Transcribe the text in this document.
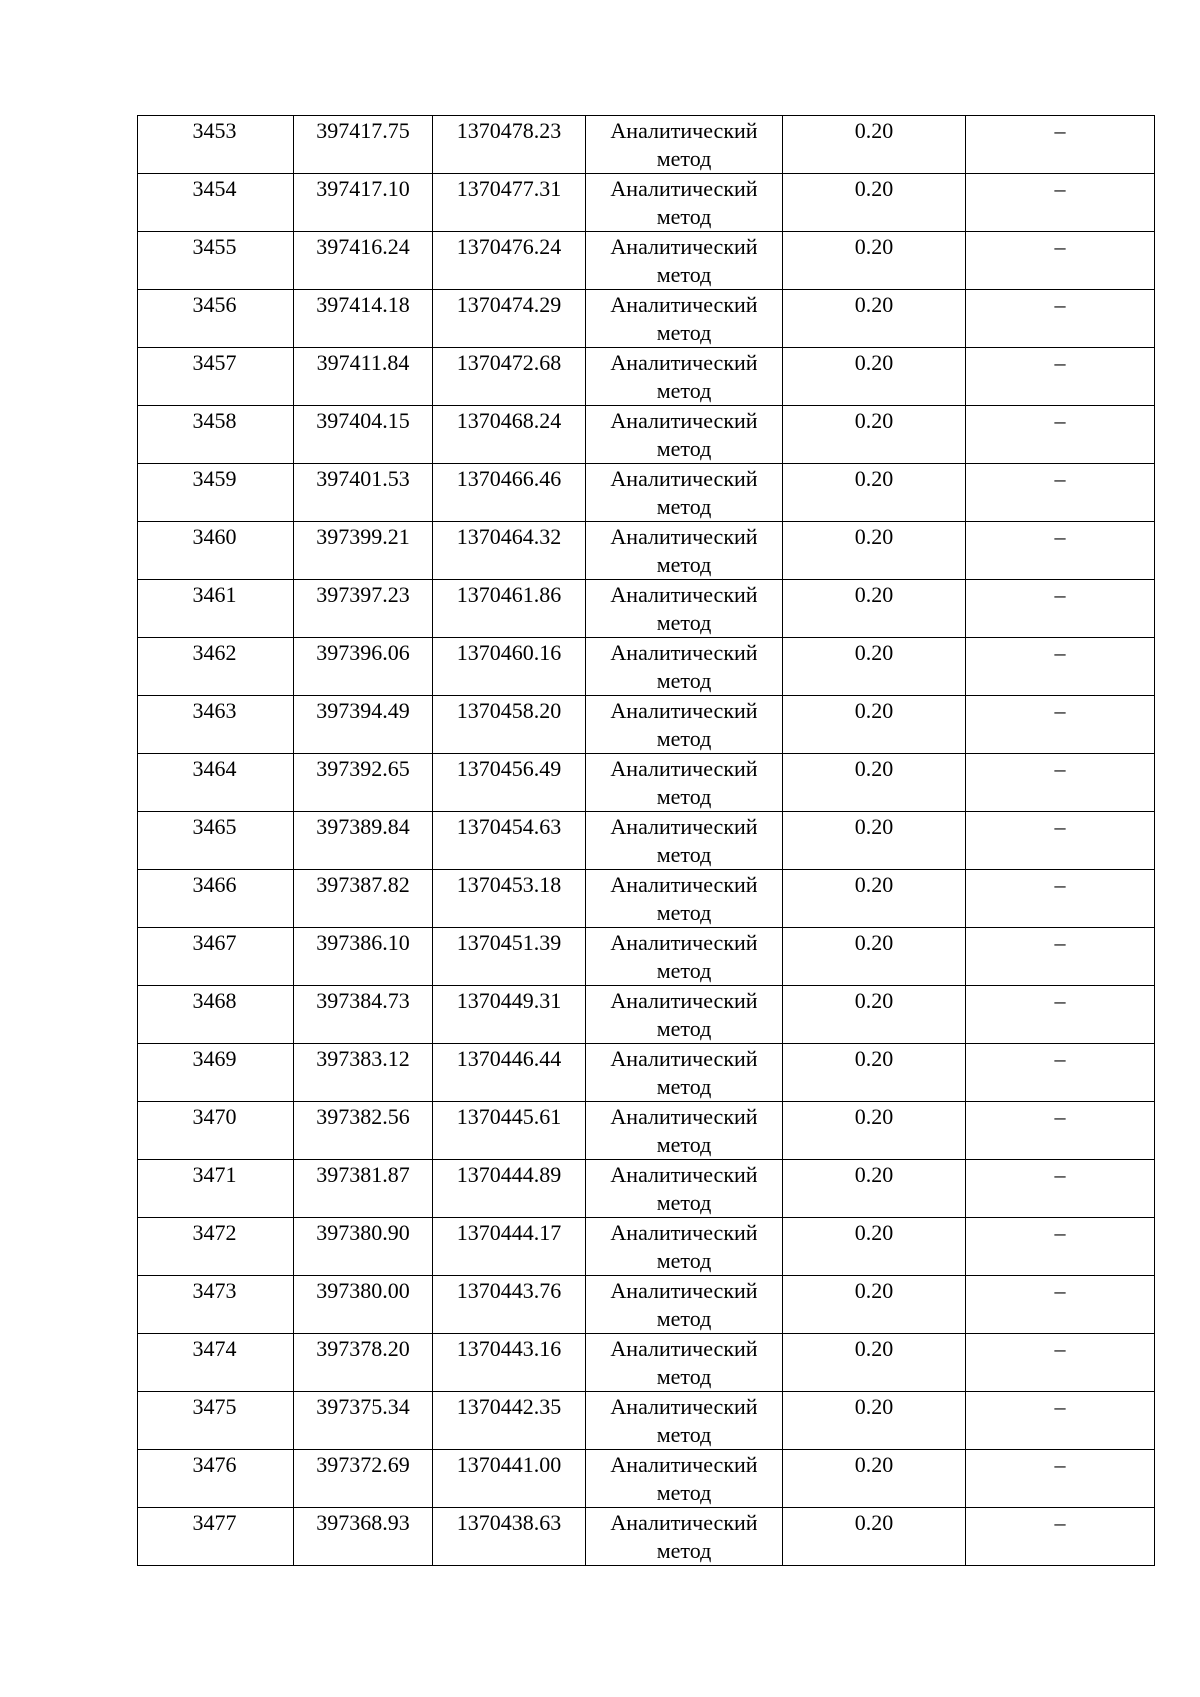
3453	397417.75	1370478.23	Аналитический метод	0.20	–

3454	397417.10	1370477.31	Аналитический метод	0.20	–

3455	397416.24	1370476.24	Аналитический метод	0.20	–

3456	397414.18	1370474.29	Аналитический метод	0.20	–

3457	397411.84	1370472.68	Аналитический метод	0.20	–

3458	397404.15	1370468.24	Аналитический метод	0.20	–

3459	397401.53	1370466.46	Аналитический метод	0.20	–

3460	397399.21	1370464.32	Аналитический метод	0.20	–

3461	397397.23	1370461.86	Аналитический метод	0.20	–

3462	397396.06	1370460.16	Аналитический метод	0.20	–

3463	397394.49	1370458.20	Аналитический метод	0.20	–

3464	397392.65	1370456.49	Аналитический метод	0.20	–

3465	397389.84	1370454.63	Аналитический метод	0.20	–

3466	397387.82	1370453.18	Аналитический метод	0.20	–

3467	397386.10	1370451.39	Аналитический метод	0.20	–

3468	397384.73	1370449.31	Аналитический метод	0.20	–

3469	397383.12	1370446.44	Аналитический метод	0.20	–

3470	397382.56	1370445.61	Аналитический метод	0.20	–

3471	397381.87	1370444.89	Аналитический метод	0.20	–

3472	397380.90	1370444.17	Аналитический метод	0.20	–

3473	397380.00	1370443.76	Аналитический метод	0.20	–

3474	397378.20	1370443.16	Аналитический метод	0.20	–

3475	397375.34	1370442.35	Аналитический метод	0.20	–

3476	397372.69	1370441.00	Аналитический метод	0.20	–

3477	397368.93	1370438.63	Аналитический метод	0.20	–
